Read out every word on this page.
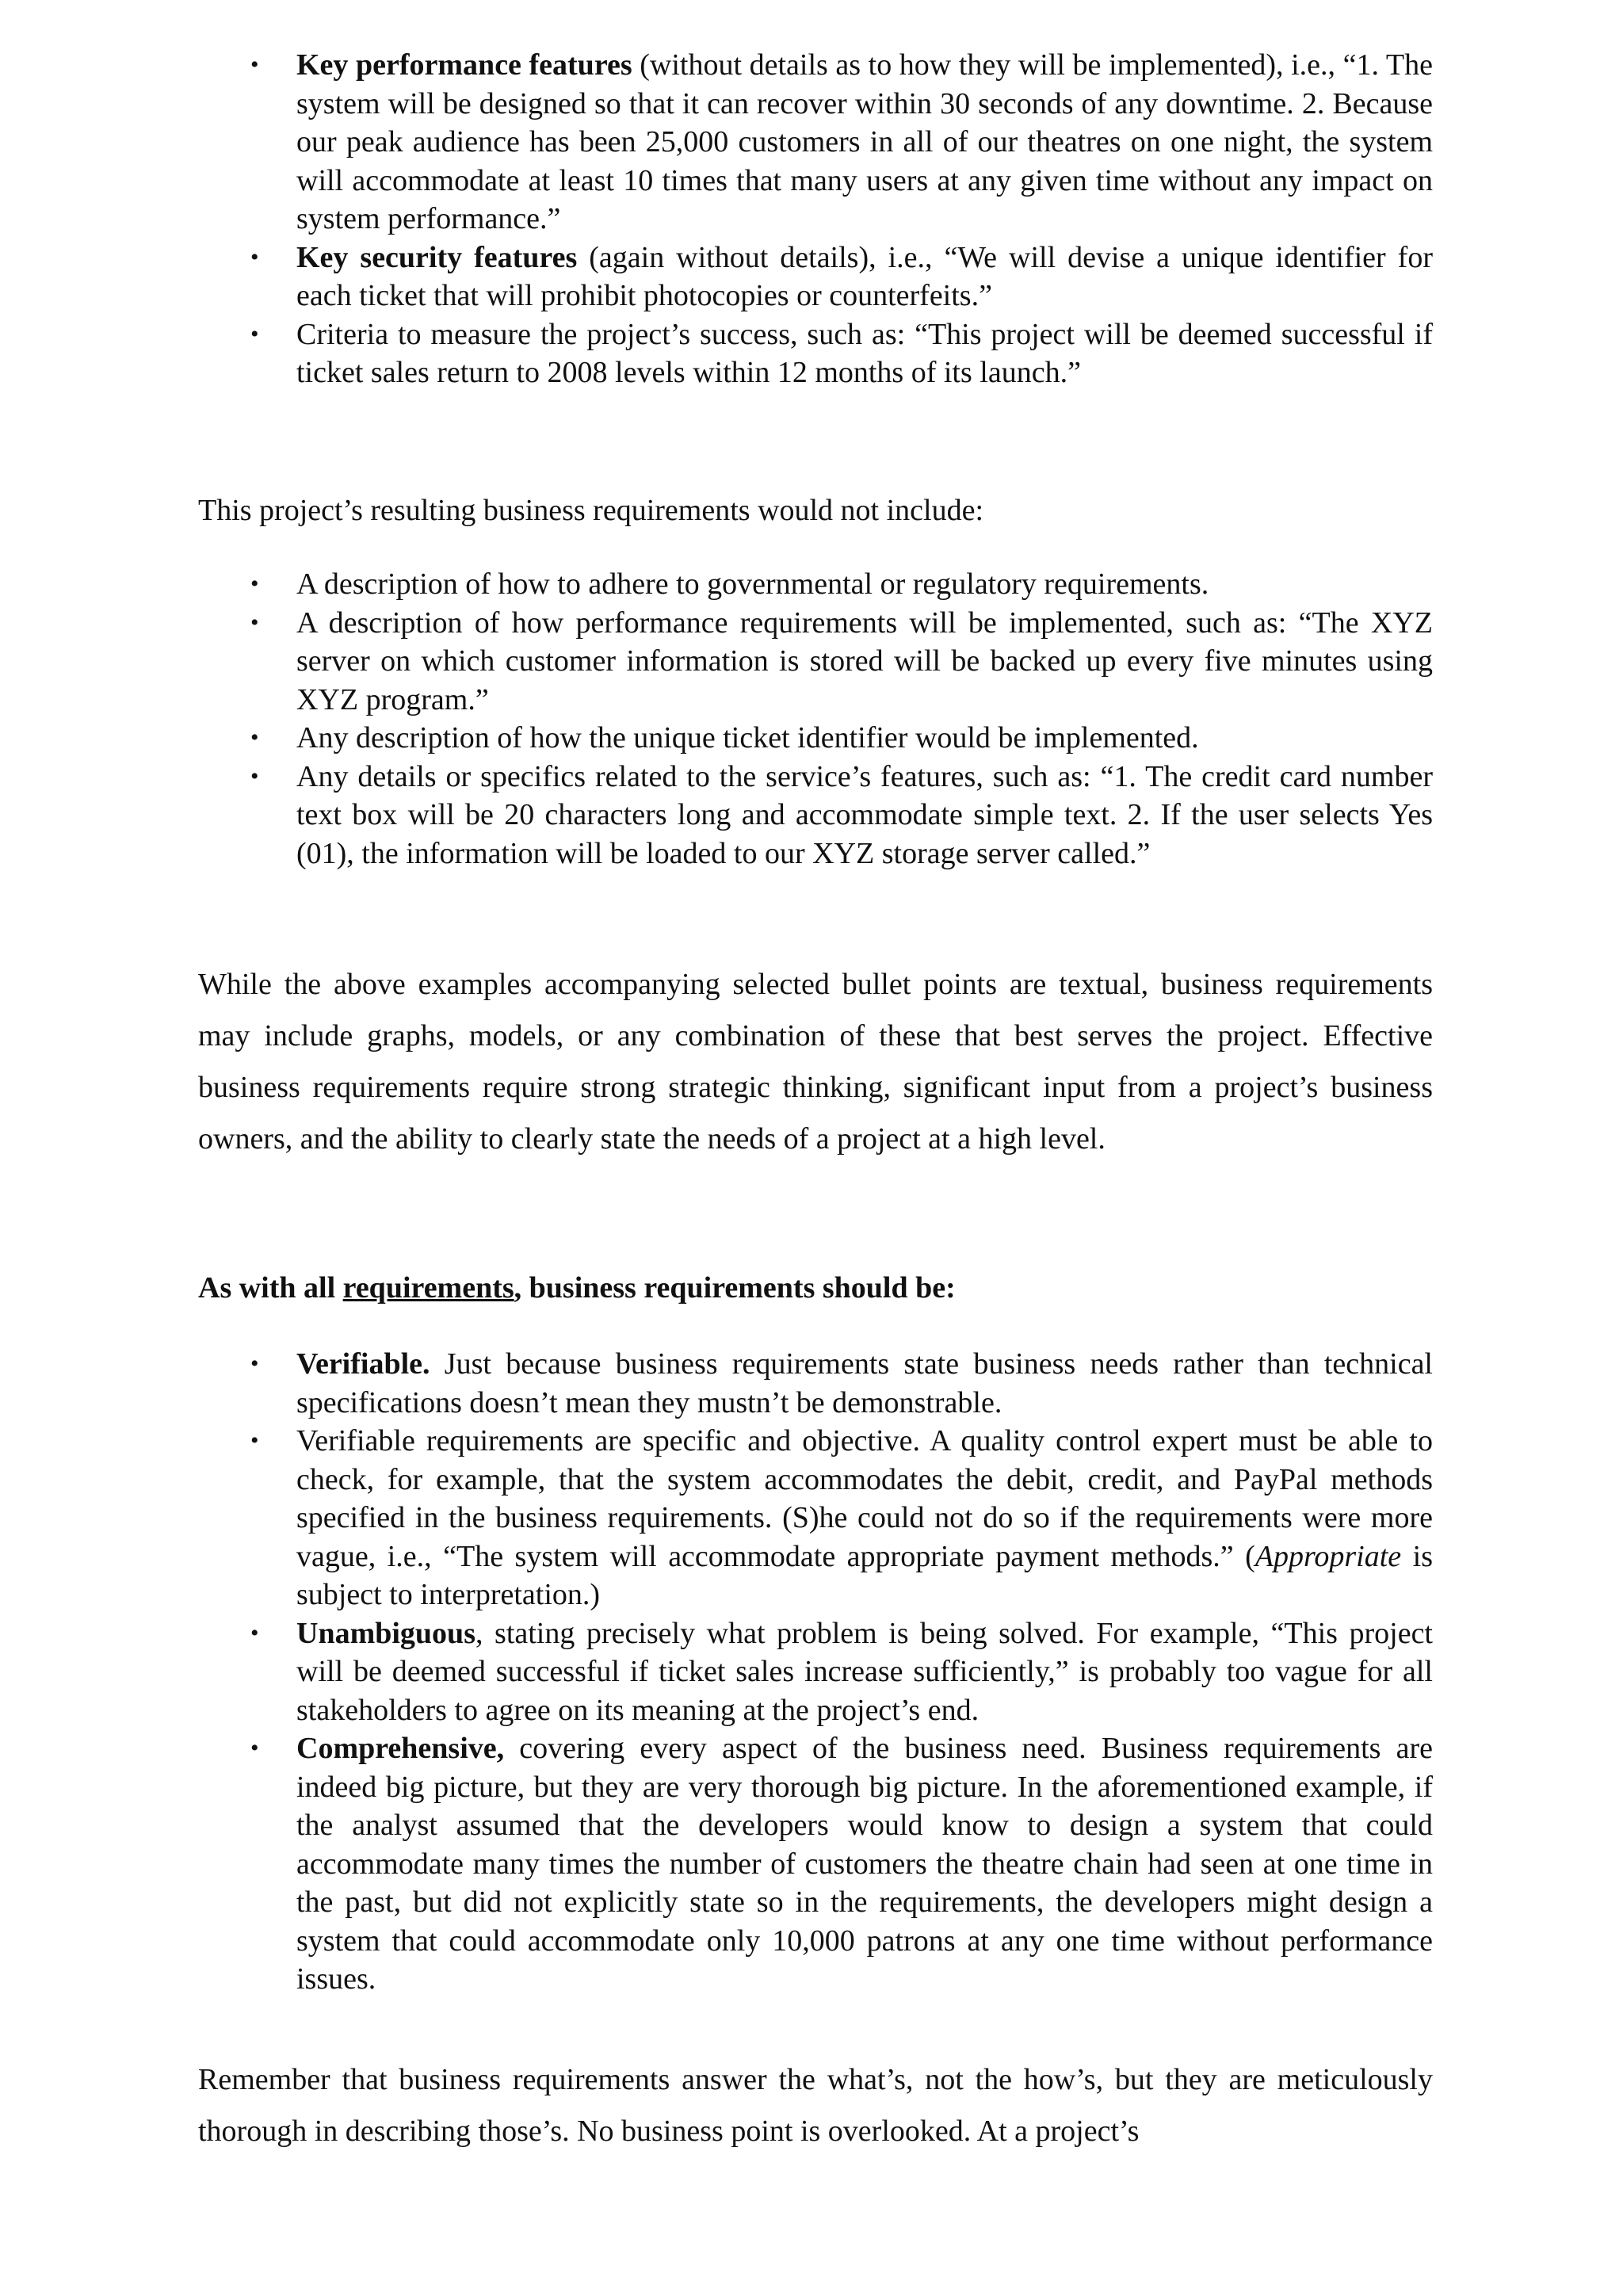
• Key performance features (without details as to how they will be implemented), i.e., “1. The system will be designed so that it can recover within 30 seconds of any downtime. 2. Because our peak audience has been 25,000 customers in all of our theatres on one night, the system will accommodate at least 10 times that many users at any given time without any impact on system performance.”
• Key security features (again without details), i.e., “We will devise a unique identifier for each ticket that will prohibit photocopies or counterfeits.”
• Criteria to measure the project’s success, such as: “This project will be deemed successful if ticket sales return to 2008 levels within 12 months of its launch.”

This project’s resulting business requirements would not include:

• A description of how to adhere to governmental or regulatory requirements.
• A description of how performance requirements will be implemented, such as: “The XYZ server on which customer information is stored will be backed up every five minutes using XYZ program.”
• Any description of how the unique ticket identifier would be implemented.
• Any details or specifics related to the service’s features, such as: “1. The credit card number text box will be 20 characters long and accommodate simple text. 2. If the user selects Yes (01), the information will be loaded to our XYZ storage server called.”

While the above examples accompanying selected bullet points are textual, business requirements may include graphs, models, or any combination of these that best serves the project. Effective business requirements require strong strategic thinking, significant input from a project’s business owners, and the ability to clearly state the needs of a project at a high level.

As with all requirements, business requirements should be:

• Verifiable. Just because business requirements state business needs rather than technical specifications doesn’t mean they mustn’t be demonstrable.
• Verifiable requirements are specific and objective. A quality control expert must be able to check, for example, that the system accommodates the debit, credit, and PayPal methods specified in the business requirements. (S)he could not do so if the requirements were more vague, i.e., “The system will accommodate appropriate payment methods.” (Appropriate is subject to interpretation.)
• Unambiguous, stating precisely what problem is being solved. For example, “This project will be deemed successful if ticket sales increase sufficiently,” is probably too vague for all stakeholders to agree on its meaning at the project’s end.
• Comprehensive, covering every aspect of the business need. Business requirements are indeed big picture, but they are very thorough big picture. In the aforementioned example, if the analyst assumed that the developers would know to design a system that could accommodate many times the number of customers the theatre chain had seen at one time in the past, but did not explicitly state so in the requirements, the developers might design a system that could accommodate only 10,000 patrons at any one time without performance issues.

Remember that business requirements answer the what’s, not the how’s, but they are meticulously thorough in describing those’s. No business point is overlooked. At a project’s
